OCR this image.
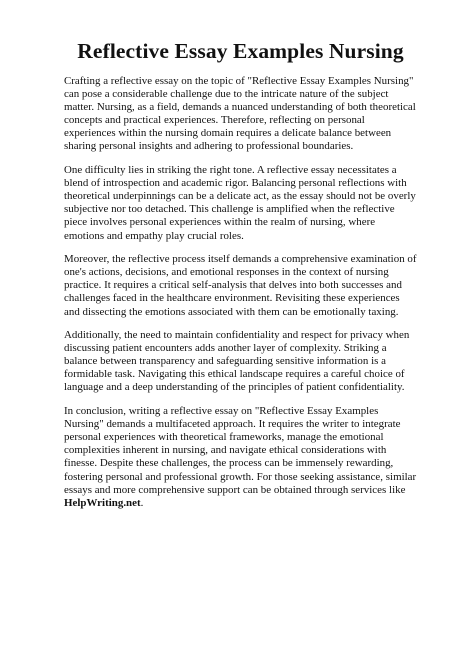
Reflective Essay Examples Nursing

Crafting a reflective essay on the topic of "Reflective Essay Examples Nursing" can pose a considerable challenge due to the intricate nature of the subject matter. Nursing, as a field, demands a nuanced understanding of both theoretical concepts and practical experiences. Therefore, reflecting on personal experiences within the nursing domain requires a delicate balance between sharing personal insights and adhering to professional boundaries.

One difficulty lies in striking the right tone. A reflective essay necessitates a blend of introspection and academic rigor. Balancing personal reflections with theoretical underpinnings can be a delicate act, as the essay should not be overly subjective nor too detached. This challenge is amplified when the reflective piece involves personal experiences within the realm of nursing, where emotions and empathy play crucial roles.

Moreover, the reflective process itself demands a comprehensive examination of one's actions, decisions, and emotional responses in the context of nursing practice. It requires a critical self-analysis that delves into both successes and challenges faced in the healthcare environment. Revisiting these experiences and dissecting the emotions associated with them can be emotionally taxing.

Additionally, the need to maintain confidentiality and respect for privacy when discussing patient encounters adds another layer of complexity. Striking a balance between transparency and safeguarding sensitive information is a formidable task. Navigating this ethical landscape requires a careful choice of language and a deep understanding of the principles of patient confidentiality.

In conclusion, writing a reflective essay on "Reflective Essay Examples Nursing" demands a multifaceted approach. It requires the writer to integrate personal experiences with theoretical frameworks, manage the emotional complexities inherent in nursing, and navigate ethical considerations with finesse. Despite these challenges, the process can be immensely rewarding, fostering personal and professional growth. For those seeking assistance, similar essays and more comprehensive support can be obtained through services like HelpWriting.net.
